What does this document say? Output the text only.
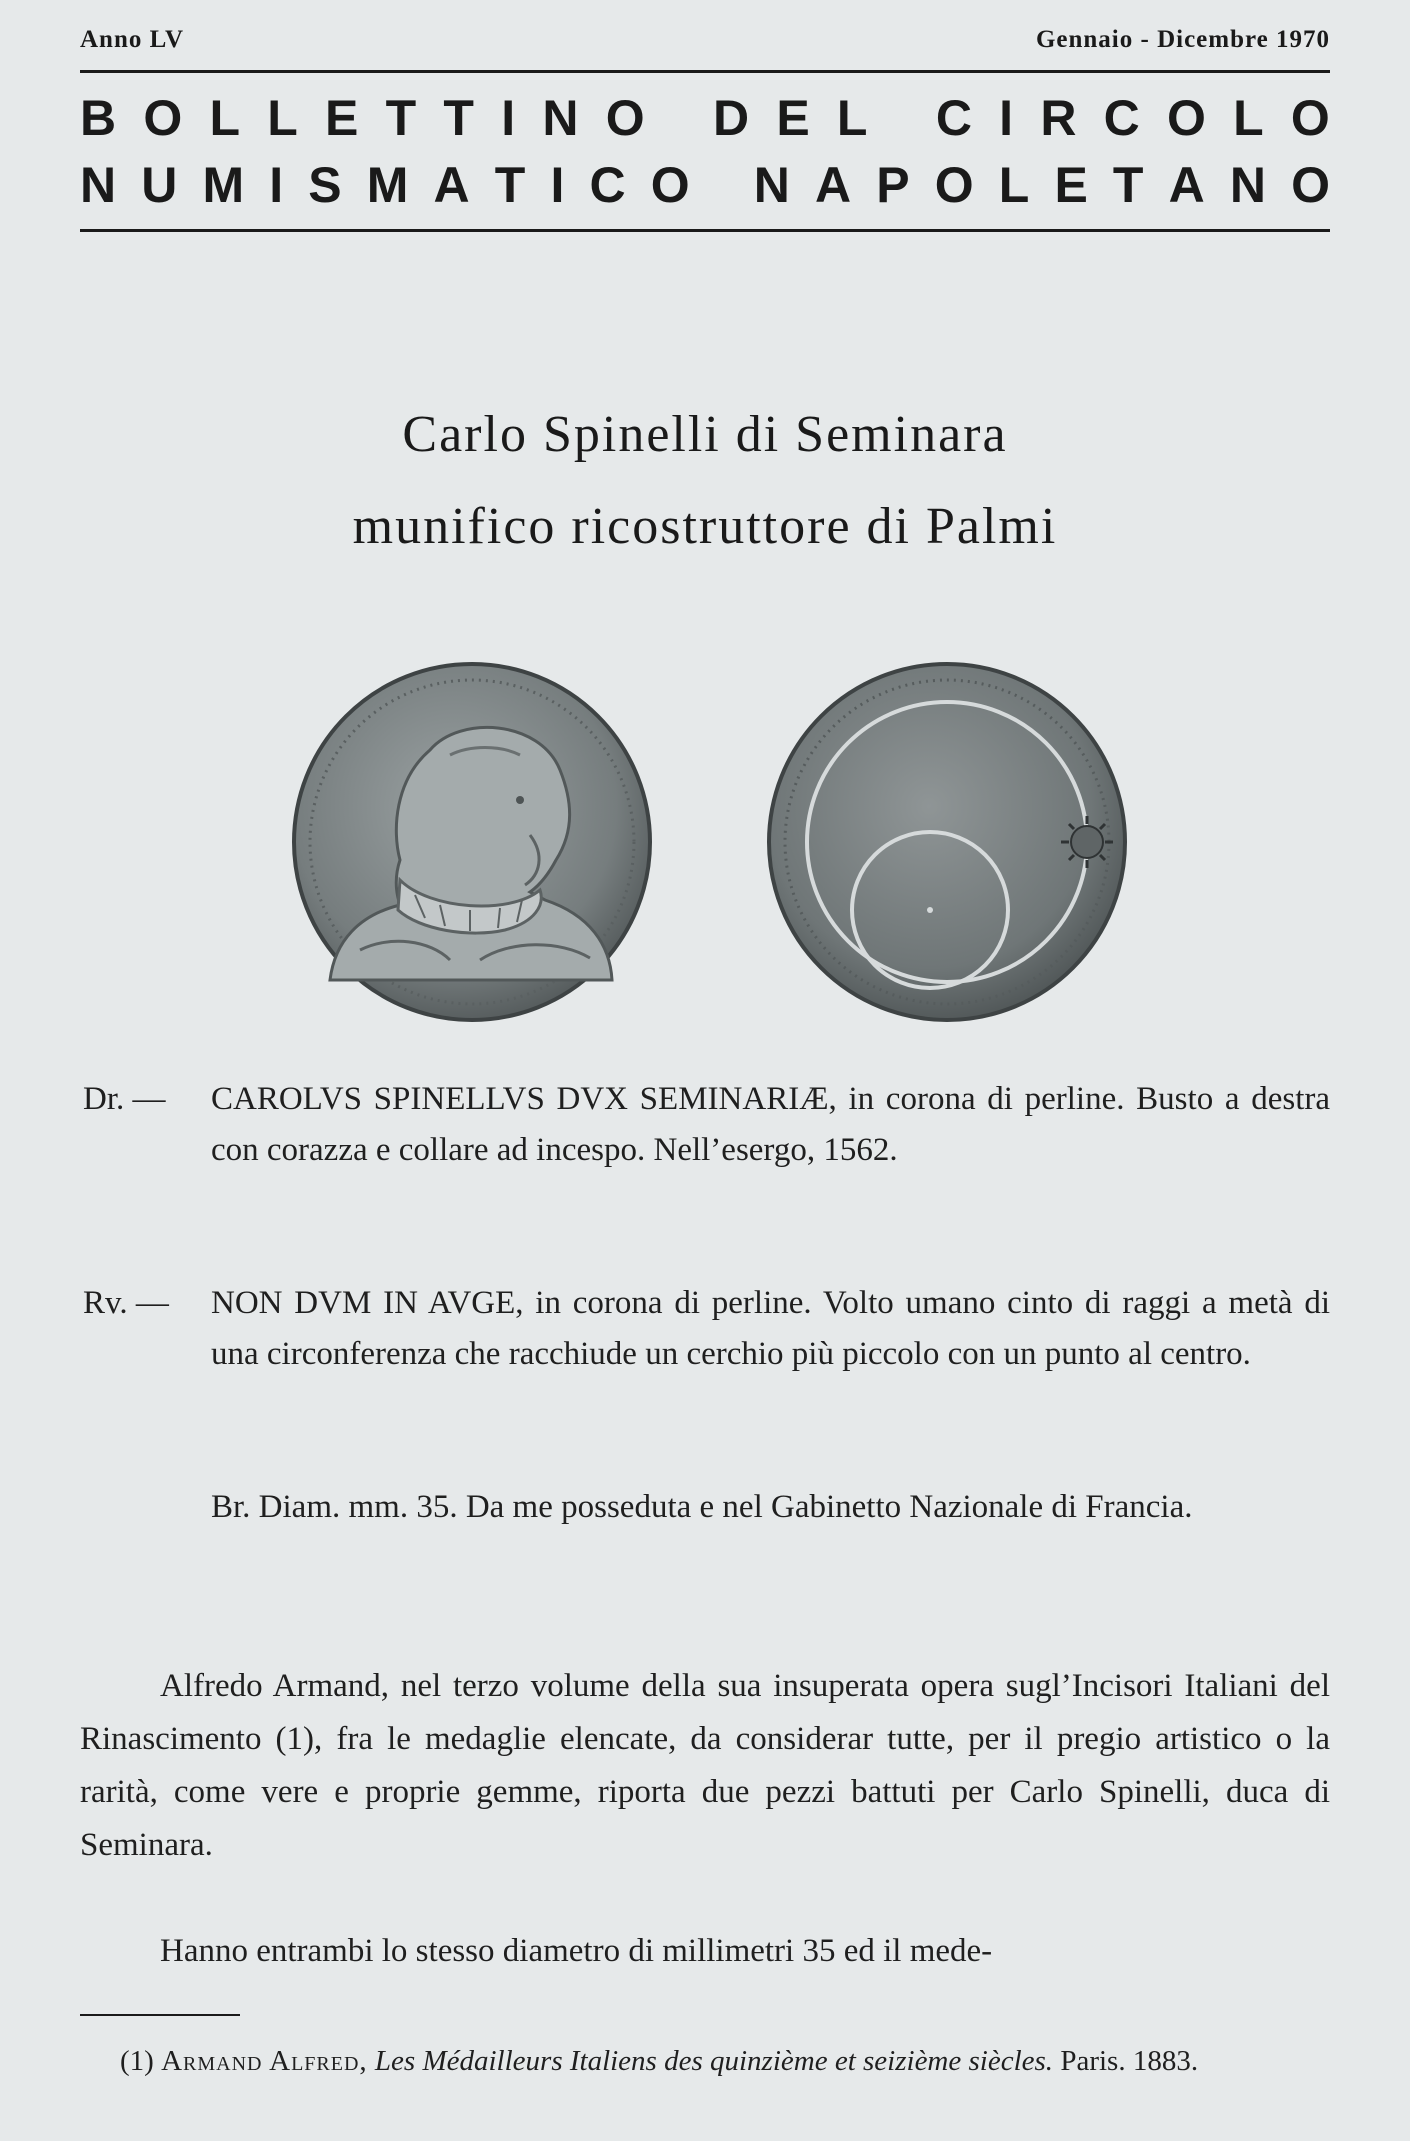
Anno LV	Gennaio - Dicembre 1970
B O L L E T T I N O
D E L
C I R C O L O
N U M I S M A T I C O
N A P O L E T A N O
Carlo Spinelli di Seminara
munifico ricostruttore di Palmi
Dr. —	CAROLVS SPINELLVS DVX SEMINARIÆ, in corona di perline. Busto a destra con corazza e collare ad incespo. Nell’esergo, 1562.
Rv. —	NON DVM IN AVGE, in corona di perline. Volto umano cinto di raggi a metà di una circonferenza che racchiude un cerchio più piccolo con un punto al centro.
Br. Diam. mm. 35. Da me posseduta e nel Gabinetto Nazionale di Francia.
Alfredo Armand, nel terzo volume della sua insuperata opera sugl’Incisori Italiani del Rinascimento (1), fra le medaglie elencate, da considerar tutte, per il pregio artistico o la rarità, come vere e proprie gemme, riporta due pezzi battuti per Carlo Spinelli, duca di Seminara.
Hanno entrambi lo stesso diametro di millimetri 35 ed il mede-
(1) Armand Alfred, Les Médailleurs Italiens des quinzième et seizième siècles. Paris. 1883.
